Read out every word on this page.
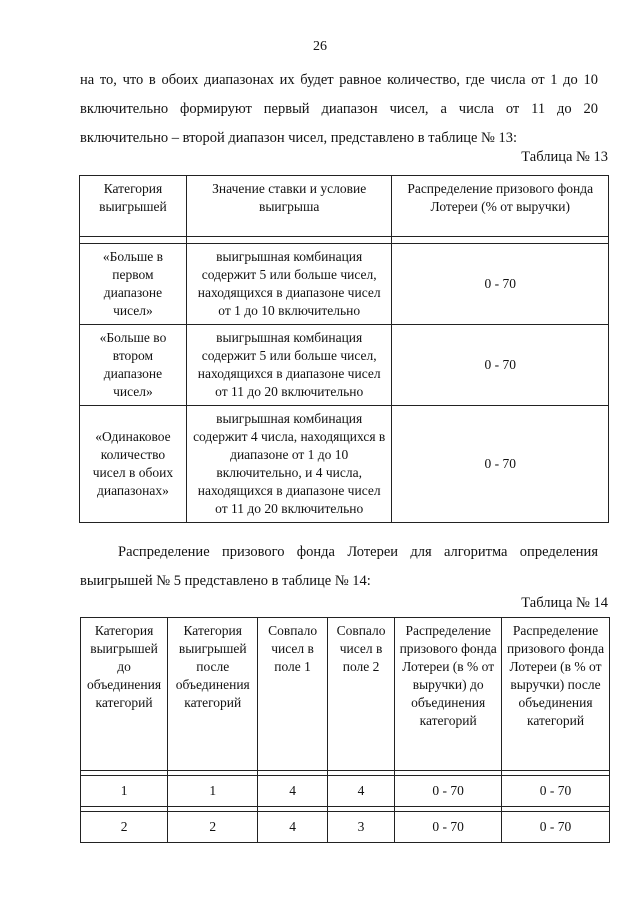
26

на то, что в обоих диапазонах их будет равное количество, где числа от 1 до 10
включительно формируют первый диапазон чисел, а числа от 11 до 20
включительно – второй диапазон чисел, представлено в таблице № 13:

Таблица № 13
Категория выигрышей	Значение ставки и условие выигрыша	Распределение призового фонда Лотереи (% от выручки)

«Больше в первом диапазоне чисел»	выигрышная комбинация содержит 5 или больше чисел, находящихся в диапазоне чисел от 1 до 10 включительно	0 - 70
«Больше во втором диапазоне чисел»	выигрышная комбинация содержит 5 или больше чисел, находящихся в диапазоне чисел от 11 до 20 включительно	0 - 70
«Одинаковое количество чисел в обоих диапазонах»	выигрышная комбинация содержит 4 числа, находящихся в диапазоне от 1 до 10 включительно, и 4 числа, находящихся в диапазоне чисел от 11 до 20 включительно	0 - 70

Распределение призового фонда Лотереи для алгоритма определения
выигрышей № 5 представлено в таблице № 14:

Таблица № 14
Категория выигрышей до объединения категорий	Категория выигрышей после объединения категорий	Совпало чисел в поле 1	Совпало чисел в поле 2	Распределение призового фонда Лотереи (в % от выручки) до объединения категорий	Распределение призового фонда Лотереи (в % от выручки) после объединения категорий

1	1	4	4	0 - 70	0 - 70

2	2	4	3	0 - 70	0 - 70
